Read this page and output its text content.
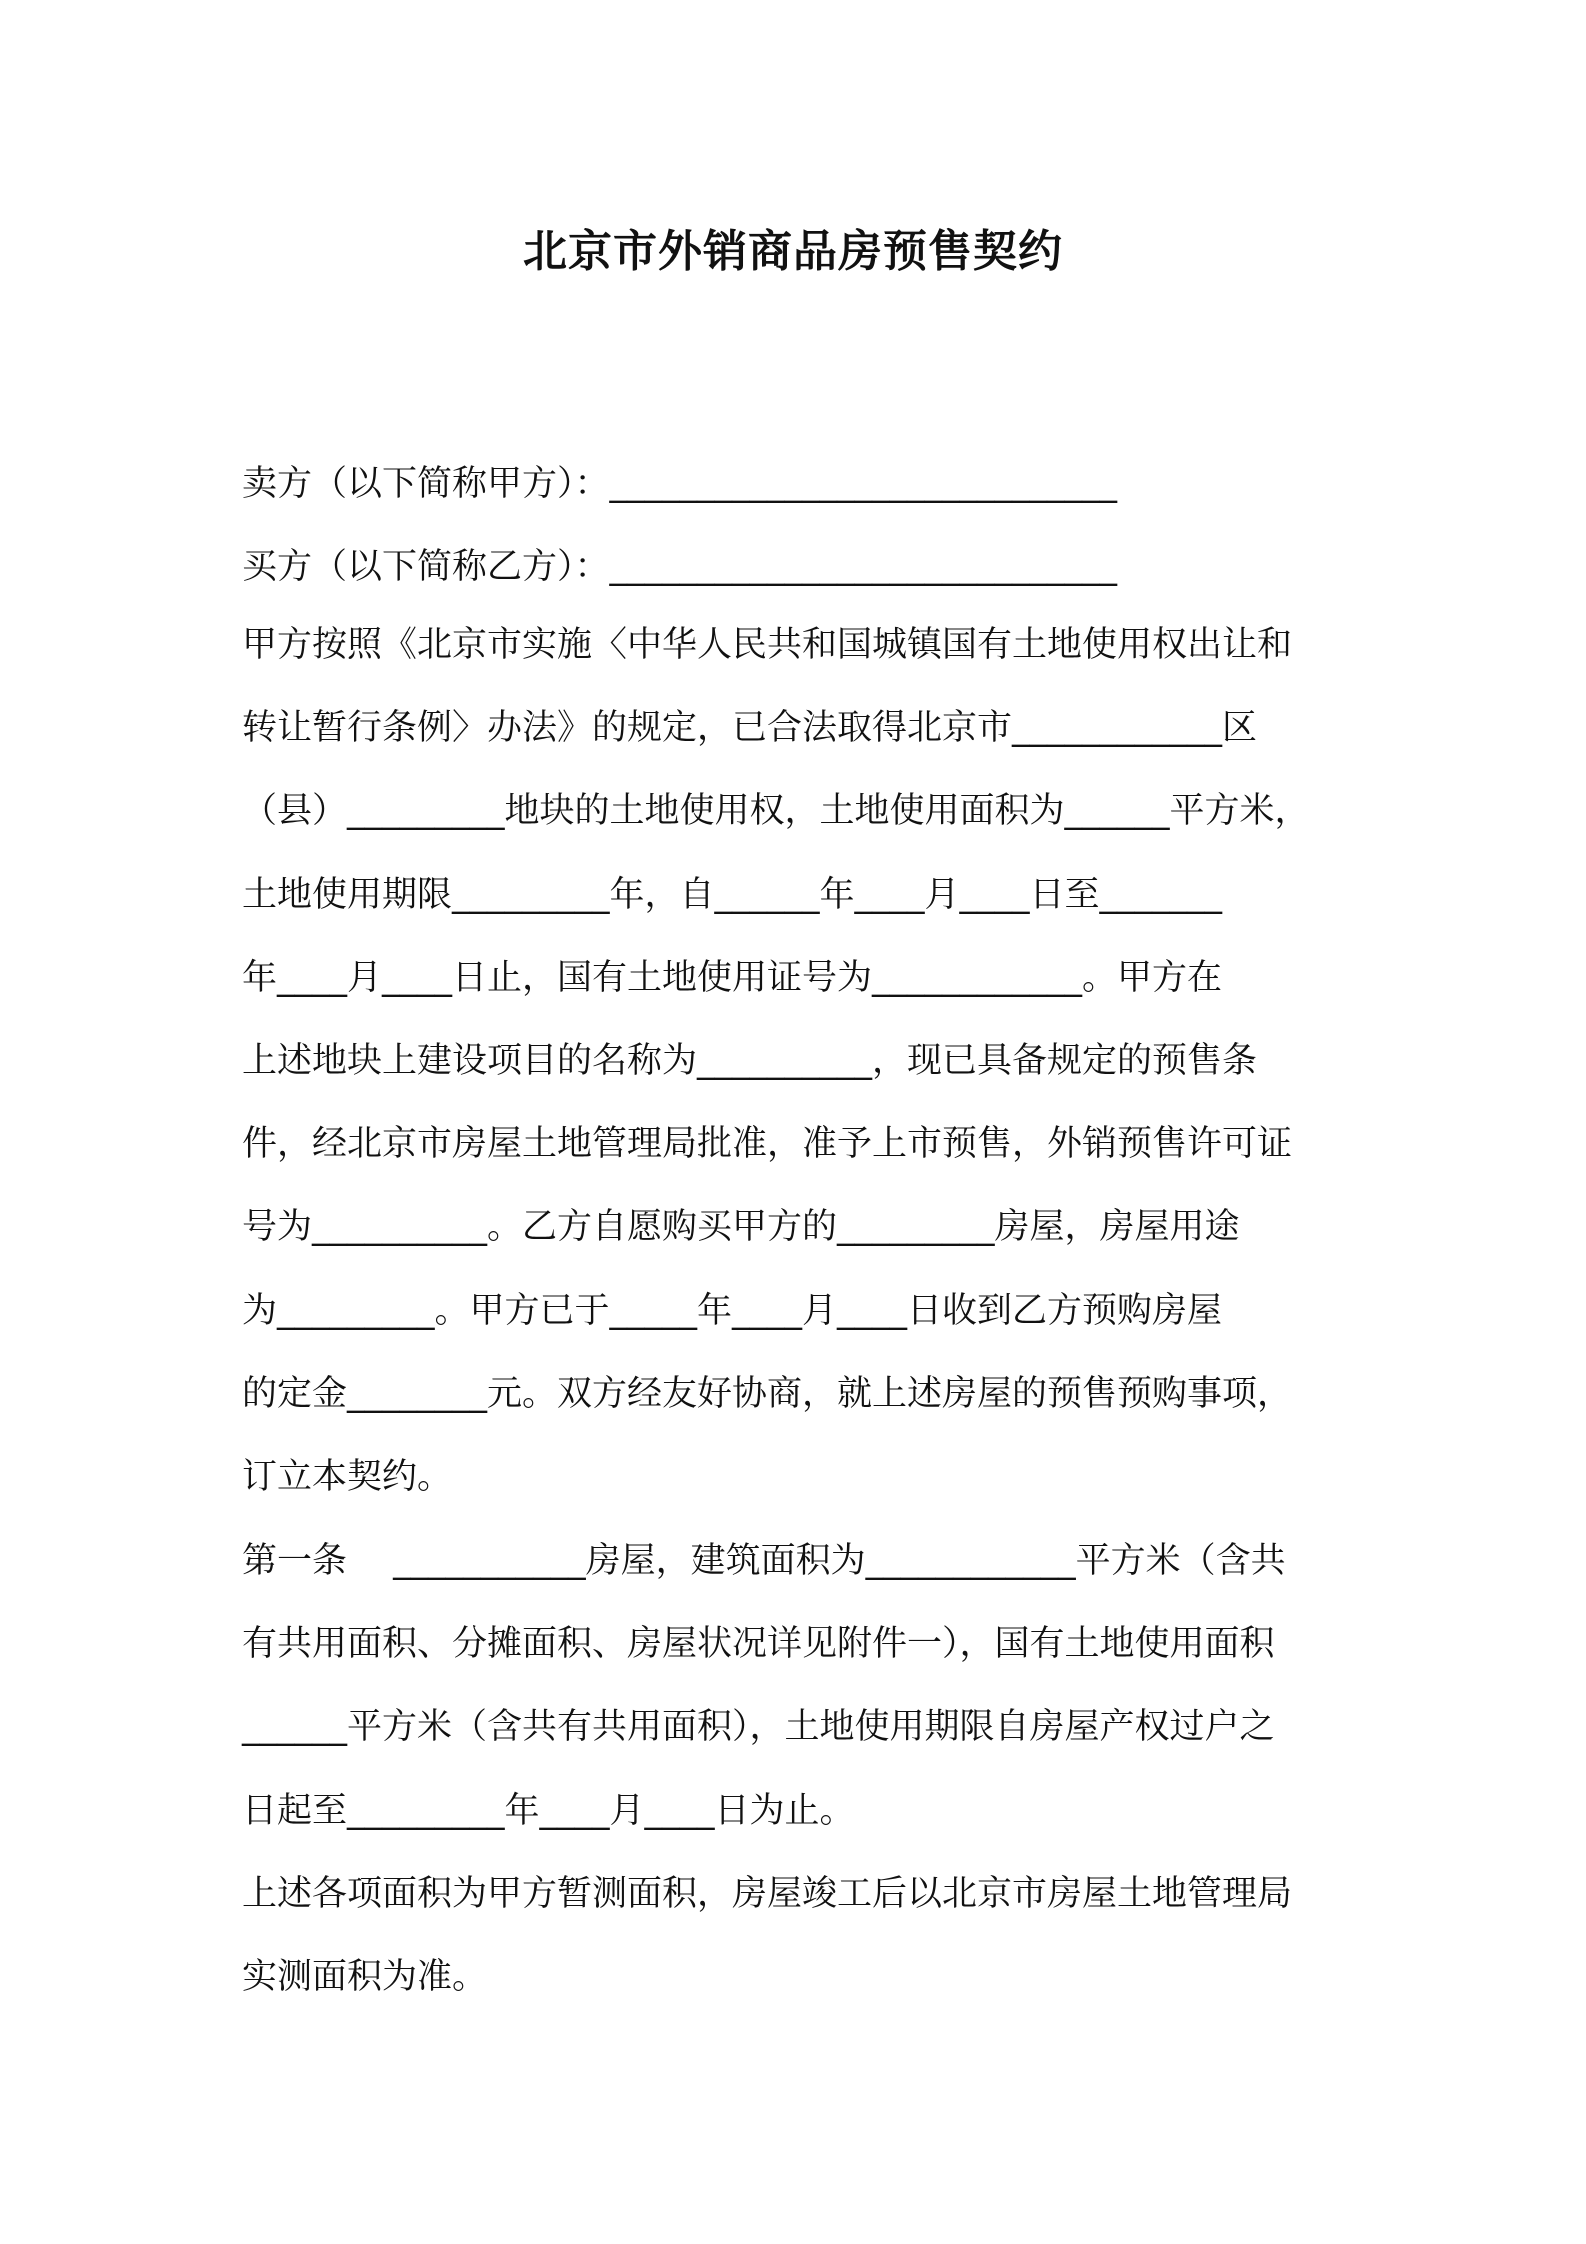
北京市外销商品房预售契约
卖方（以下简称甲方）：_____________________________
买方（以下简称乙方）：_____________________________
甲方按照《北京市实施〈中华人民共和国城镇国有土地使用权出让和
转让暂行条例〉办法》的规定，已合法取得北京市____________区
（县）_________地块的土地使用权，土地使用面积为______平方米，
土地使用期限_________年，自______年____月____日至_______
年____月____日止，国有土地使用证号为____________。甲方在
上述地块上建设项目的名称为__________，现已具备规定的预售条
件，经北京市房屋土地管理局批准，准予上市预售，外销预售许可证
号为__________。乙方自愿购买甲方的_________房屋，房屋用途
为_________。甲方已于_____年____月____日收到乙方预购房屋
的定金________元。双方经友好协商，就上述房屋的预售预购事项，
订立本契约。
第一条　 ___________房屋，建筑面积为____________平方米（含共
有共用面积、分摊面积、房屋状况详见附件一），国有土地使用面积
______平方米（含共有共用面积），土地使用期限自房屋产权过户之
日起至_________年____月____日为止。
上述各项面积为甲方暂测面积，房屋竣工后以北京市房屋土地管理局
实测面积为准。
